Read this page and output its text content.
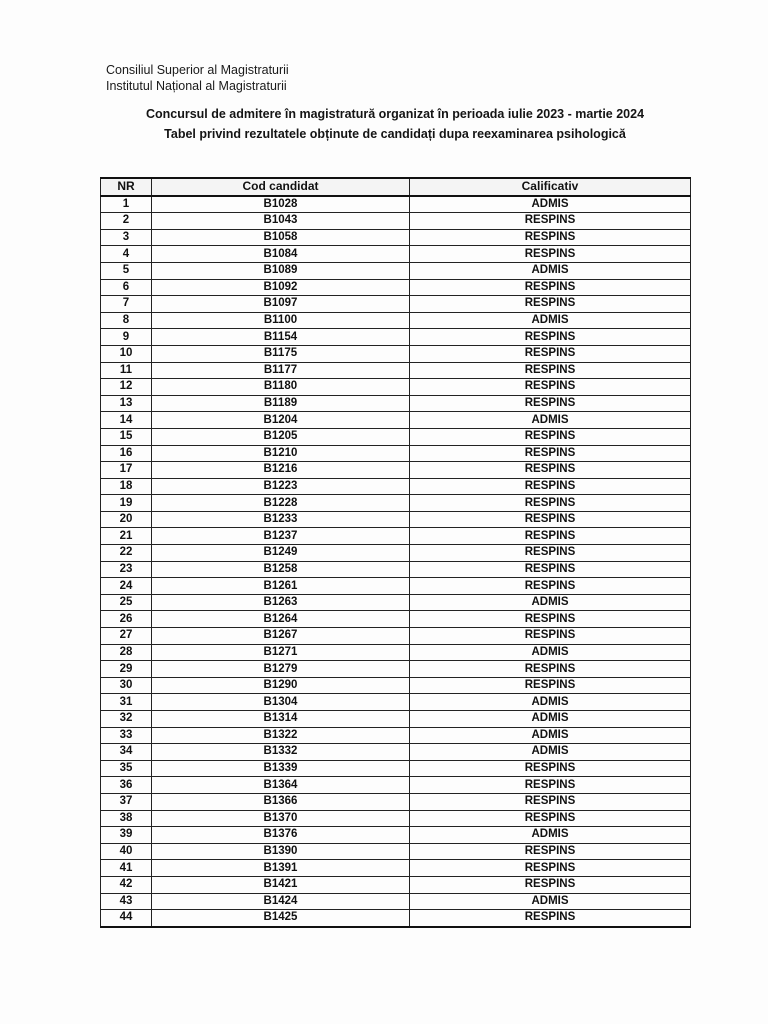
Consiliul Superior al Magistraturii
Institutul Național al Magistraturii
Concursul de admitere în magistratură organizat în perioada iulie 2023 - martie 2024
Tabel privind rezultatele obținute de candidați dupa reexaminarea psihologică
NR	Cod candidat	Calificativ
1	B1028	ADMIS
2	B1043	RESPINS
3	B1058	RESPINS
4	B1084	RESPINS
5	B1089	ADMIS
6	B1092	RESPINS
7	B1097	RESPINS
8	B1100	ADMIS
9	B1154	RESPINS
10	B1175	RESPINS
11	B1177	RESPINS
12	B1180	RESPINS
13	B1189	RESPINS
14	B1204	ADMIS
15	B1205	RESPINS
16	B1210	RESPINS
17	B1216	RESPINS
18	B1223	RESPINS
19	B1228	RESPINS
20	B1233	RESPINS
21	B1237	RESPINS
22	B1249	RESPINS
23	B1258	RESPINS
24	B1261	RESPINS
25	B1263	ADMIS
26	B1264	RESPINS
27	B1267	RESPINS
28	B1271	ADMIS
29	B1279	RESPINS
30	B1290	RESPINS
31	B1304	ADMIS
32	B1314	ADMIS
33	B1322	ADMIS
34	B1332	ADMIS
35	B1339	RESPINS
36	B1364	RESPINS
37	B1366	RESPINS
38	B1370	RESPINS
39	B1376	ADMIS
40	B1390	RESPINS
41	B1391	RESPINS
42	B1421	RESPINS
43	B1424	ADMIS
44	B1425	RESPINS
